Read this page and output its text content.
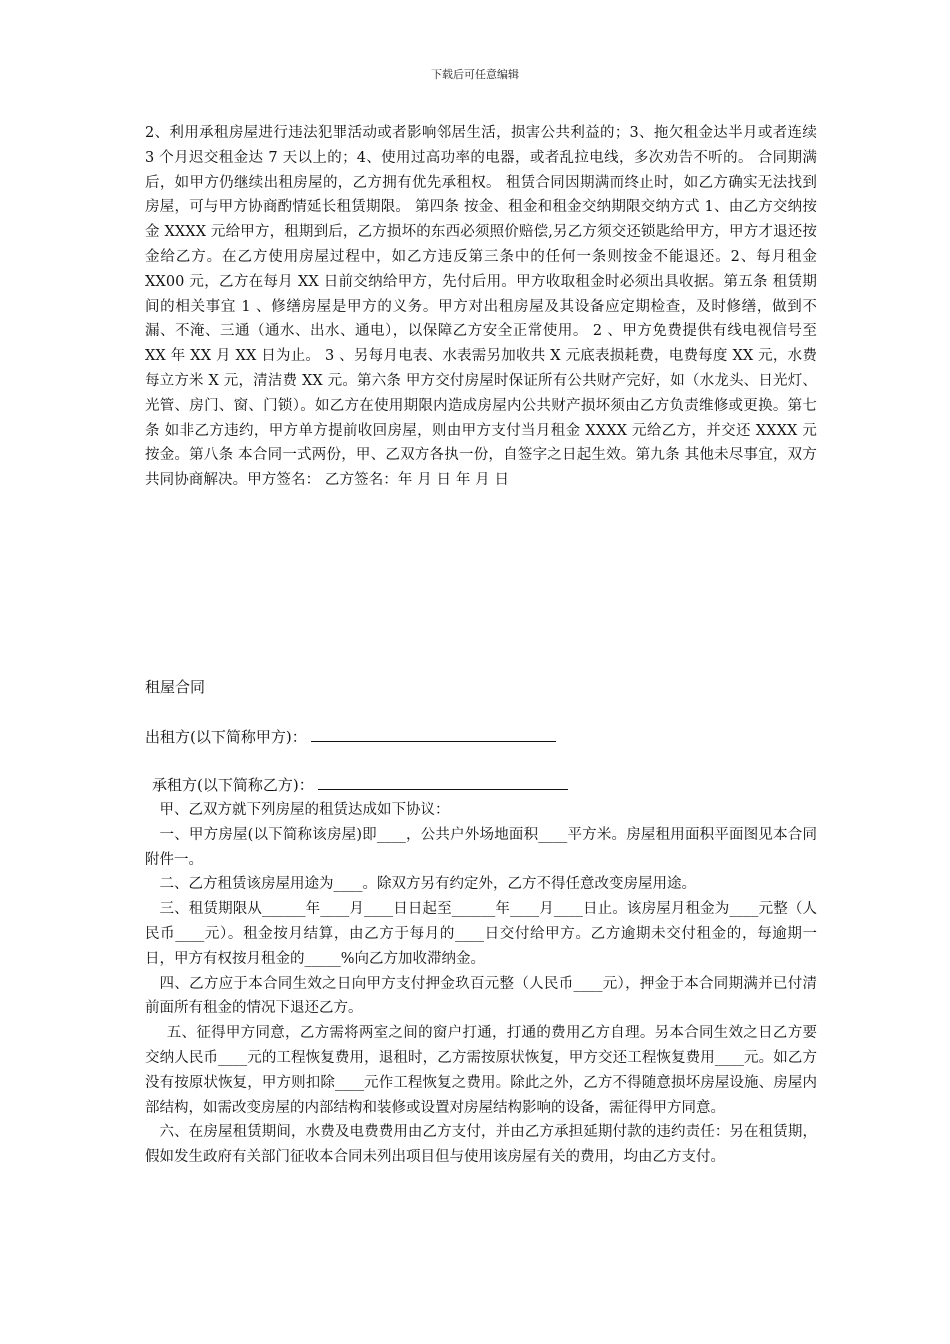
下载后可任意编辑

2、利用承租房屋进行违法犯罪活动或者影响邻居生活，损害公共利益的；3、拖欠租金达半月或者连续 3 个月迟交租金达 7 天以上的；4、使用过高功率的电器，或者乱拉电线，多次劝告不听的。 合同期满后，如甲方仍继续出租房屋的，乙方拥有优先承租权。 租赁合同因期满而终止时，如乙方确实无法找到房屋，可与甲方协商酌情延长租赁期限。 第四条 按金、租金和租金交纳期限交纳方式 1、由乙方交纳按金 XXXX 元给甲方，租期到后，乙方损坏的东西必须照价赔偿,另乙方须交还锁匙给甲方，甲方才退还按金给乙方。在乙方使用房屋过程中，如乙方违反第三条中的任何一条则按金不能退还。2、每月租金 XX00 元，乙方在每月 XX 日前交纳给甲方，先付后用。甲方收取租金时必须出具收据。第五条 租赁期间的相关事宜 1 、修缮房屋是甲方的义务。甲方对出租房屋及其设备应定期检查，及时修缮，做到不漏、不淹、三通（通水、出水、通电），以保障乙方安全正常使用。 2 、甲方免费提供有线电视信号至 XX 年 XX 月 XX 日为止。 3 、另每月电表、水表需另加收共 X 元底表损耗费，电费每度 XX 元，水费每立方米 X 元，清洁费 XX 元。第六条 甲方交付房屋时保证所有公共财产完好，如（水龙头、日光灯、光管、房门、窗、门锁）。如乙方在使用期限内造成房屋内公共财产损坏须由乙方负责维修或更换。第七条 如非乙方违约，甲方单方提前收回房屋，则由甲方支付当月租金 XXXX 元给乙方，并交还 XXXX 元按金。第八条 本合同一式两份，甲、乙双方各执一份，自签字之日起生效。第九条 其他未尽事宜，双方共同协商解决。甲方签名： 乙方签名：年 月 日 年 月 日

租屋合同
出租方(以下简称甲方)：
承租方(以下简称乙方)：

甲、乙双方就下列房屋的租赁达成如下协议：

一、甲方房屋(以下简称该房屋)即____，公共户外场地面积____平方米。房屋租用面积平面图见本合同附件一。

二、乙方租赁该房屋用途为____。除双方另有约定外，乙方不得任意改变房屋用途。

三、租赁期限从______年____月____日日起至______年____月____日止。该房屋月租金为____元整（人民币____元）。租金按月结算，由乙方于每月的____日交付给甲方。乙方逾期未交付租金的，每逾期一日，甲方有权按月租金的_____%向乙方加收滞纳金。

四、乙方应于本合同生效之日向甲方支付押金玖百元整（人民币____元），押金于本合同期满并已付清前面所有租金的情况下退还乙方。

五、征得甲方同意，乙方需将两室之间的窗户打通，打通的费用乙方自理。另本合同生效之日乙方要交纳人民币____元的工程恢复费用，退租时，乙方需按原状恢复，甲方交还工程恢复费用____元。如乙方没有按原状恢复，甲方则扣除____元作工程恢复之费用。除此之外，乙方不得随意损坏房屋设施、房屋内部结构，如需改变房屋的内部结构和装修或设置对房屋结构影响的设备，需征得甲方同意。

六、在房屋租赁期间，水费及电费费用由乙方支付，并由乙方承担延期付款的违约责任：另在租赁期，假如发生政府有关部门征收本合同未列出项目但与使用该房屋有关的费用，均由乙方支付。
